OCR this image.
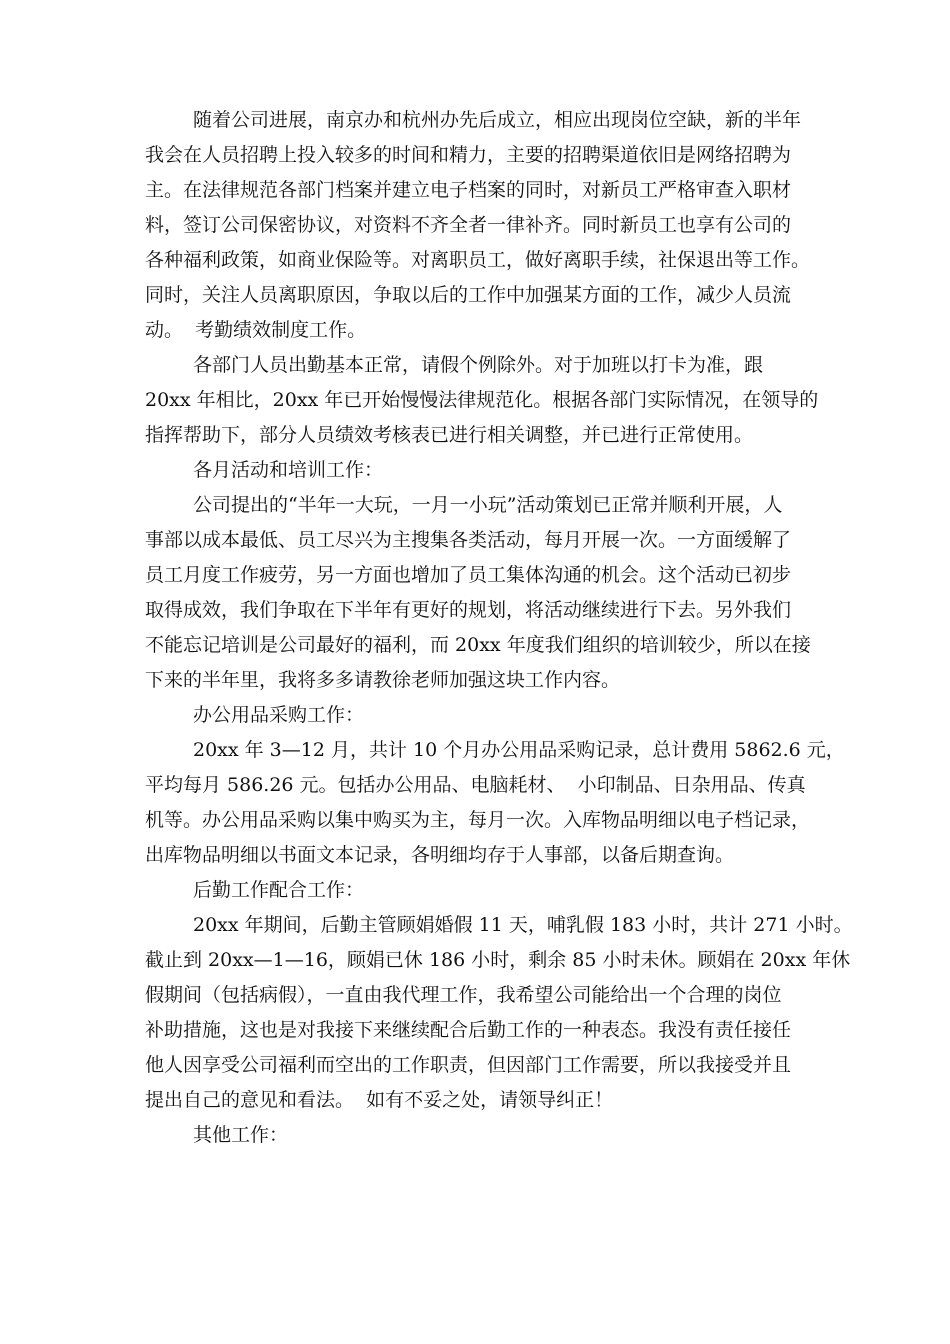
随着公司进展，南京办和杭州办先后成立，相应出现岗位空缺，新的半年
我会在人员招聘上投入较多的时间和精力，主要的招聘渠道依旧是网络招聘为
主。在法律规范各部门档案并建立电子档案的同时，对新员工严格审查入职材
料，签订公司保密协议，对资料不齐全者一律补齐。同时新员工也享有公司的
各种福利政策，如商业保险等。对离职员工，做好离职手续，社保退出等工作。
同时，关注人员离职原因，争取以后的工作中加强某方面的工作，减少人员流
动。  考勤绩效制度工作。
各部门人员出勤基本正常，请假个例除外。对于加班以打卡为准，跟
20xx 年相比，20xx 年已开始慢慢法律规范化。根据各部门实际情况，在领导的
指挥帮助下，部分人员绩效考核表已进行相关调整，并已进行正常使用。
各月活动和培训工作：
公司提出的“半年一大玩，一月一小玩”活动策划已正常并顺利开展，人
事部以成本最低、员工尽兴为主搜集各类活动，每月开展一次。一方面缓解了
员工月度工作疲劳，另一方面也增加了员工集体沟通的机会。这个活动已初步
取得成效，我们争取在下半年有更好的规划，将活动继续进行下去。另外我们
不能忘记培训是公司最好的福利，而 20xx 年度我们组织的培训较少，所以在接
下来的半年里，我将多多请教徐老师加强这块工作内容。
办公用品采购工作：
20xx 年 3—12 月，共计 10 个月办公用品采购记录，总计费用 5862.6 元，
平均每月 586.26 元。包括办公用品、电脑耗材、  小印制品、日杂用品、传真
机等。办公用品采购以集中购买为主，每月一次。入库物品明细以电子档记录，
出库物品明细以书面文本记录，各明细均存于人事部，以备后期查询。
后勤工作配合工作：
20xx 年期间，后勤主管顾娟婚假 11 天，哺乳假 183 小时，共计 271 小时。
截止到 20xx—1—16，顾娟已休 186 小时，剩余 85 小时未休。顾娟在 20xx 年休
假期间（包括病假），一直由我代理工作，我希望公司能给出一个合理的岗位
补助措施，这也是对我接下来继续配合后勤工作的一种表态。我没有责任接任
他人因享受公司福利而空出的工作职责，但因部门工作需要，所以我接受并且
提出自己的意见和看法。  如有不妥之处，请领导纠正！
其他工作：
